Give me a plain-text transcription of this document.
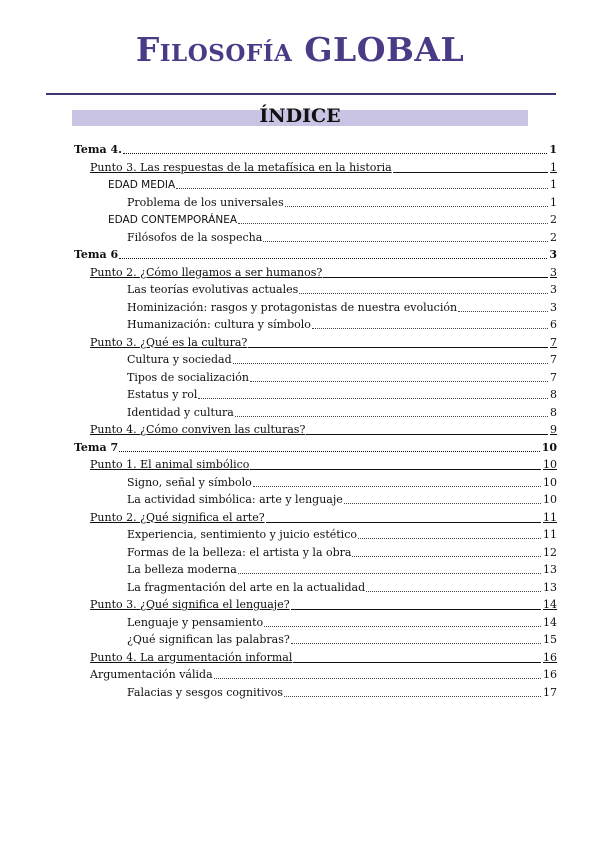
Filosofía GLOBAL
ÍNDICE
Tema 4.	1
Punto 3. Las respuestas de la metafísica en la historia	1
EDAD MEDIA	1
Problema de los universales	1
EDAD CONTEMPORÁNEA	2
Filósofos de la sospecha	2
Tema 6	3
Punto 2. ¿Cómo llegamos a ser humanos?	3
Las teorías evolutivas actuales	3
Hominización: rasgos y protagonistas de nuestra evolución	3
Humanización: cultura y símbolo	6
Punto 3. ¿Qué es la cultura?	7
Cultura y sociedad	7
Tipos de socialización	7
Estatus y rol	8
Identidad y cultura	8
Punto 4. ¿Cómo conviven las culturas?	9
Tema 7	10
Punto 1. El animal simbólico	10
Signo, señal y símbolo	10
La actividad simbólica: arte y lenguaje	10
Punto 2. ¿Qué significa el arte?	11
Experiencia, sentimiento y juicio estético	11
Formas de la belleza: el artista y la obra	12
La belleza moderna	13
La fragmentación del arte en la actualidad	13
Punto 3. ¿Qué significa el lenguaje?	14
Lenguaje y pensamiento	14
¿Qué significan las palabras?	15
Punto 4. La argumentación informal	16
Argumentación válida	16
Falacias y sesgos cognitivos	17
